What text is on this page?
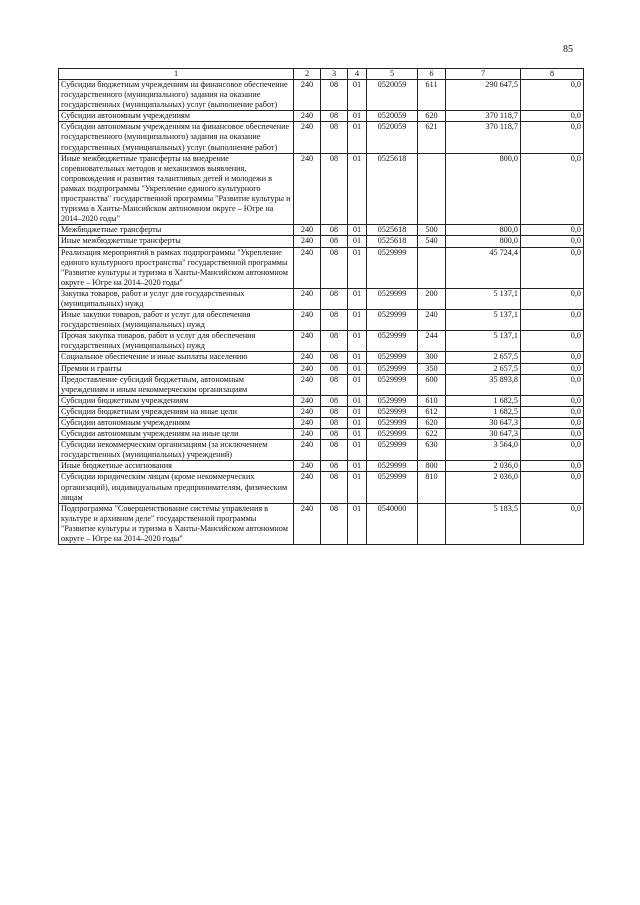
85
1	2	3	4	5	6	7	8
Субсидии бюджетным учреждениям на финансовое обеспечение государственного (муниципального) задания на оказание государственных (муниципальных) услуг (выполнение работ)	240	08	01	0520059	611	290 647,5	0,0
Субсидии автономным учреждениям	240	08	01	0520059	620	370 118,7	0,0
Субсидии автономным учреждениям на финансовое обеспечение государственного (муниципального) задания на оказание государственных (муниципальных) услуг (выполнение работ)	240	08	01	0520059	621	370 118,7	0,0
Иные межбюджетные трансферты на внедрение соревновательных методов и механизмов выявления, сопровождения и развития талантливых детей и молодежи в рамках подпрограммы "Укрепление единого культурного пространства" государственной программы "Развитие культуры и туризма в Ханты-Мансийском автономном округе – Югре на 2014–2020 годы"	240	08	01	0525618		800,0	0,0
Межбюджетные трансферты	240	08	01	0525618	500	800,0	0,0
Иные межбюджетные трансферты	240	08	01	0525618	540	800,0	0,0
Реализация мероприятий в рамках подпрограммы "Укрепление единого культурного пространства" государственной программы "Развитие культуры и туризма в Ханты-Мансийском автономном округе – Югре на 2014–2020 годы"	240	08	01	0529999		45 724,4	0,0
Закупка товаров, работ и услуг для государственных (муниципальных) нужд	240	08	01	0529999	200	5 137,1	0,0
Иные закупки товаров, работ и услуг для обеспечения государственных (муниципальных) нужд	240	08	01	0529999	240	5 137,1	0,0
Прочая закупка товаров, работ и услуг для обеспечения государственных (муниципальных) нужд	240	08	01	0529999	244	5 137,1	0,0
Социальное обеспечение и иные выплаты населению	240	08	01	0529999	300	2 657,5	0,0
Премии и гранты	240	08	01	0529999	350	2 657,5	0,0
Предоставление субсидий бюджетным, автономным учреждениям и иным некоммерческим организациям	240	08	01	0529999	600	35 893,8	0,0
Субсидии бюджетным учреждениям	240	08	01	0529999	610	1 682,5	0,0
Субсидии бюджетным учреждениям на иные цели	240	08	01	0529999	612	1 682,5	0,0
Субсидии автономным учреждениям	240	08	01	0529999	620	30 647,3	0,0
Субсидии автономным учреждениям на иные цели	240	08	01	0529999	622	30 647,3	0,0
Субсидии некоммерческим организациям (за исключением государственных (муниципальных) учреждений)	240	08	01	0529999	630	3 564,0	0,0
Иные бюджетные ассигнования	240	08	01	0529999	800	2 036,0	0,0
Субсидии юридическим лицам (кроме некоммерческих организаций), индивидуальным предпринимателям, физическим лицам	240	08	01	0529999	810	2 036,0	0,0
Подпрограмма "Совершенствование системы управления в культуре и архивном деле" государственной программы "Развитие культуры и туризма в Ханты-Мансийском автономном округе – Югре на 2014–2020 годы"	240	08	01	0540000		5 183,5	0,0
